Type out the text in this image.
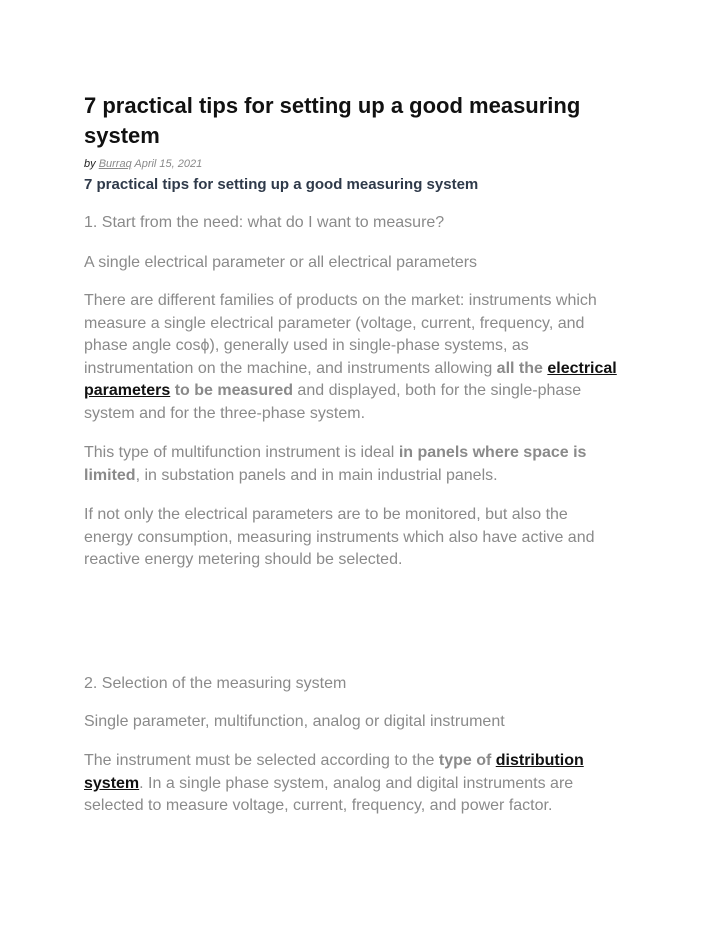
7 practical tips for setting up a good measuring system
by Burraq April 15, 2021
7 practical tips for setting up a good measuring system

1. Start from the need: what do I want to measure?

A single electrical parameter or all electrical parameters

There are different families of products on the market: instruments which
measure a single electrical parameter (voltage, current, frequency, and
phase angle cosϕ), generally used in single-phase systems, as
instrumentation on the machine, and instruments allowing all the electrical
parameters to be measured and displayed, both for the single-phase
system and for the three-phase system.
This type of multifunction instrument is ideal in panels where space is
limited, in substation panels and in main industrial panels.
If not only the electrical parameters are to be monitored, but also the
energy consumption, measuring instruments which also have active and
reactive energy metering should be selected.

2. Selection of the measuring system

Single parameter, multifunction, analog or digital instrument

The instrument must be selected according to the type of distribution
system. In a single phase system, analog and digital instruments are
selected to measure voltage, current, frequency, and power factor.
